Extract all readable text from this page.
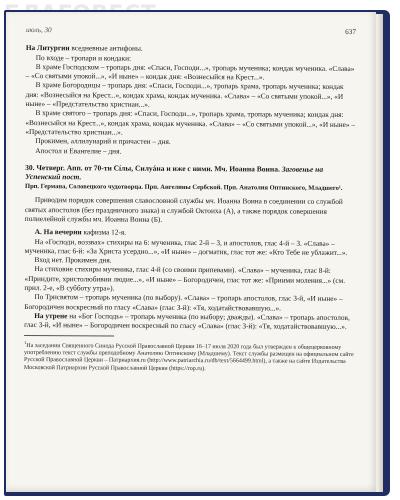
июль, 30	637
На Литургии вседневные антифоны.
По входе – тропари и кондаки:
В храме Господском – тропарь дня: «Спаси, Господи...», тропарь мученика; кондак мученика. «Слава» – «Со святыми упокой...», «И ныне» – кондак дня: «Вознесыйся на Крест...».
В храме Богородицы – тропарь дня: «Спаси, Господи...», тропарь храма, тропарь мученика; кондак дня: «Вознесыйся на Крест...», кондак храма, кондак мученика. «Слава» – «Со святыми упокой...», «И ныне» – «Предстательство христиан...».
В храме святого – тропарь дня: «Спаси, Господи...», тропарь храма, тропарь мученика; кондак дня: «Вознесыйся на Крест...», кондак храма, кондак мученика. «Слава» – «Со святыми упокой...», «И ныне» – «Предстательство христиан...».
Прокимен, аллилуиарий и причастен – дня.
Апостол и Евангелие – дня.
30. Четверг. Апп. от 70-ти Сíлы, Силуáна и иже с ними. Мч. Иоанна Воина. Заговенье на Успенский пост.
Прп. Германа, Соловецкого чудотворца. Прп. Ангелины Сербской. Прп. Анатолия Оптинского, Младшего¹.
Приводим порядок совершения славословной службы мч. Иоанна Воина в соединении со службой святых апостолов (без праздничного знака) и службой Октоиха (А), а также порядок совершения полиелейной службы мч. Иоанна Воина (Б).
А. На вечерни кафизма 12-я.
На «Господи, воззвах» стихиры на 6: мученика, глас 2-й – 3, и апостолов, глас 4-й – 3. «Слава» – мученика, глас 6-й: «За Христа усердно...», «И ныне» – догматик, глас тот же: «Кто Тебе не ублажит...».
Вход нет. Прокимен дня.
На стиховне стихиры мученика, глас 4-й (со своими припевами). «Слава» – мученика, глас 8-й: «Приидите, христолюбивии людие...», «И ныне» – Богородичен, глас тот же: «Приими моления...» (см. прил. 2-е, «В субботу утра»).
По Трисвятом – тропарь мученика (по выбору). «Слава» – тропарь апостолов, глас 3-й, «И ныне» – Богородичен воскресный по гласу «Слава» (глас 3-й): «Тя, ходатайствовавшую...».
На утрене на «Бог Господь» – тропарь мученика (по выбору; дважды). «Слава» – тропарь апостолов, глас 3-й, «И ныне» – Богородичен воскресный по гласу «Слава» (глас 3-й): «Тя, ходатайствовавшую...».
$^1$На заседании Священного Синода Русской Православной Церкви 16–17 июля 2020 года был утвержден к общецерковному употреблению текст службы преподобному Анатолию Оптинскому (Младшему). Текст службы размещен на официальном сайте Русской Православной Церкви – Патриархия.ru (http://www.patriarchia.ru/db/text/5664499.html), а также на сайте Издательства Московской Патриархии Русской Православной Церкви (https://rop.ru).
